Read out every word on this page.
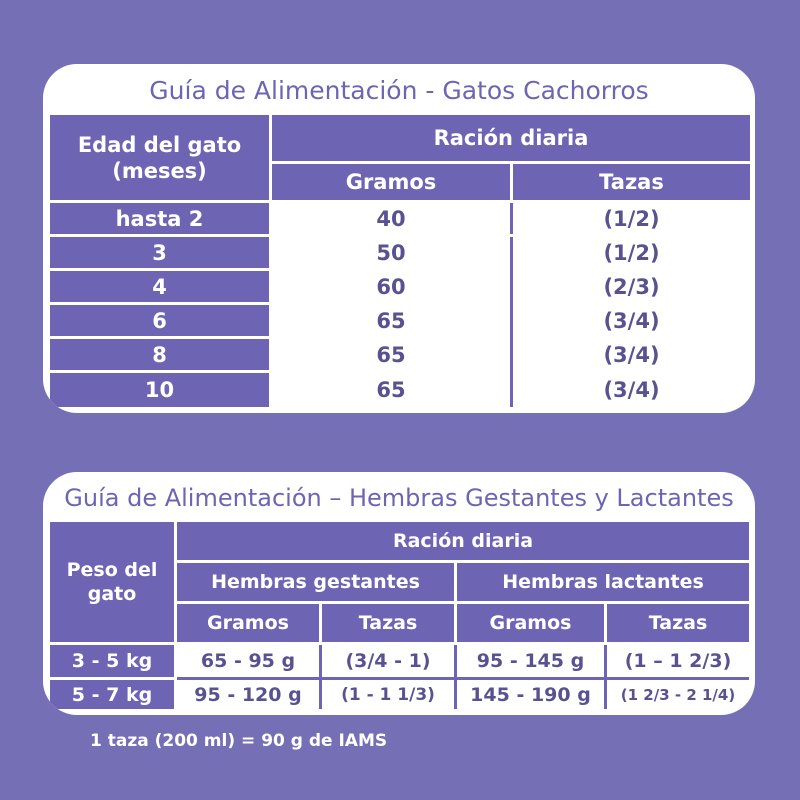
Guía de Alimentación - Gatos Cachorros
Edad del gato (meses)
Ración diaria
Gramos	Tazas
hasta 2	40	(1/2)
3	50	(1/2)
4	60	(2/3)
6	65	(3/4)
8	65	(3/4)
10	65	(3/4)
Guía de Alimentación – Hembras Gestantes y Lactantes
Peso del gato
Ración diaria
Hembras gestantes	Hembras lactantes
Gramos	Tazas	Gramos	Tazas
3 - 5 kg	65 - 95 g	(3/4 - 1)	95 - 145 g	(1 – 1 2/3)
5 - 7 kg	95 - 120 g	(1 - 1 1/3)	145 - 190 g	(1 2/3 - 2 1/4)
1 taza (200 ml) = 90 g de IAMS
